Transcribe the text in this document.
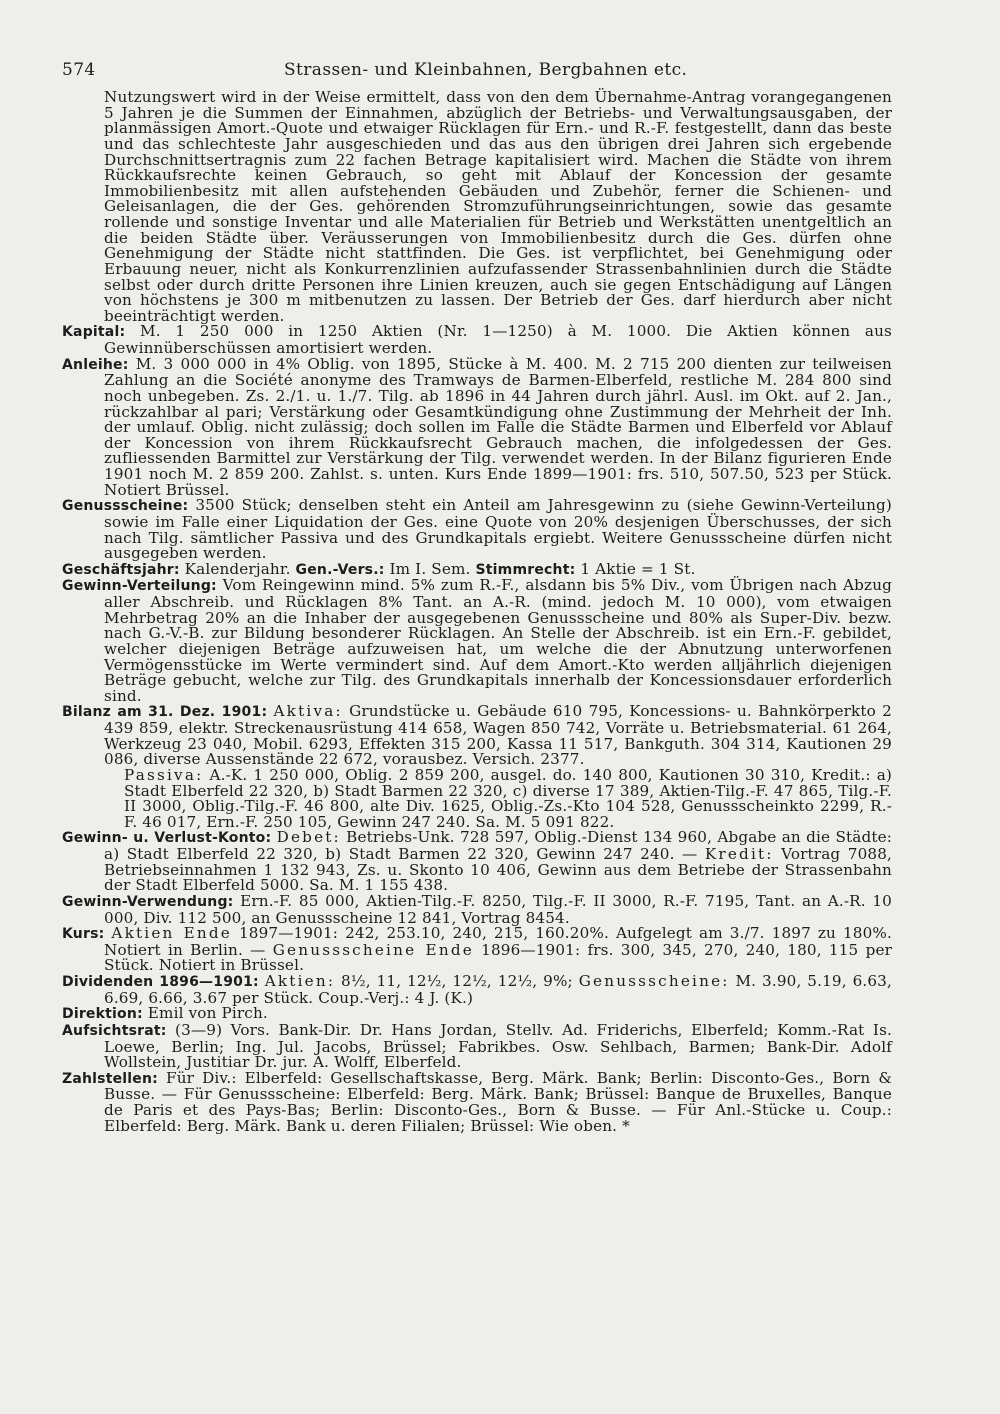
574	Strassen- und Kleinbahnen, Bergbahnen etc.

Nutzungswert wird in der Weise ermittelt, dass von den dem Übernahme-Antrag vorangegangenen 5 Jahren je die Summen der Einnahmen, abzüglich der Betriebs- und Verwaltungsausgaben, der planmässigen Amort.-Quote und etwaiger Rücklagen für Ern.- und R.-F. festgestellt, dann das beste und das schlechteste Jahr ausgeschieden und das aus den übrigen drei Jahren sich ergebende Durchschnittsertragnis zum 22 fachen Betrage kapitalisiert wird. Machen die Städte von ihrem Rückkaufsrechte keinen Gebrauch, so geht mit Ablauf der Koncession der gesamte Immobilienbesitz mit allen aufstehenden Gebäuden und Zubehör, ferner die Schienen- und Geleisanlagen, die der Ges. gehörenden Stromzuführungseinrichtungen, sowie das gesamte rollende und sonstige Inventar und alle Materialien für Betrieb und Werkstätten unentgeltlich an die beiden Städte über. Veräusserungen von Immobilienbesitz durch die Ges. dürfen ohne Genehmigung der Städte nicht stattfinden. Die Ges. ist verpflichtet, bei Genehmigung oder Erbauung neuer, nicht als Konkurrenzlinien aufzufassender Strassenbahnlinien durch die Städte selbst oder durch dritte Personen ihre Linien kreuzen, auch sie gegen Entschädigung auf Längen von höchstens je 300 m mitbenutzen zu lassen. Der Betrieb der Ges. darf hierdurch aber nicht beeinträchtigt werden.

Kapital: M. 1 250 000 in 1250 Aktien (Nr. 1—1250) à M. 1000. Die Aktien können aus Gewinnüberschüssen amortisiert werden.

Anleihe: M. 3 000 000 in 4% Oblig. von 1895, Stücke à M. 400. M. 2 715 200 dienten zur teilweisen Zahlung an die Société anonyme des Tramways de Barmen-Elberfeld, restliche M. 284 800 sind noch unbegeben. Zs. 2./1. u. 1./7. Tilg. ab 1896 in 44 Jahren durch jährl. Ausl. im Okt. auf 2. Jan., rückzahlbar al pari; Verstärkung oder Gesamtkündigung ohne Zustimmung der Mehrheit der Inh. der umlauf. Oblig. nicht zulässig; doch sollen im Falle die Städte Barmen und Elberfeld vor Ablauf der Koncession von ihrem Rückkaufsrecht Gebrauch machen, die infolgedessen der Ges. zufliessenden Barmittel zur Verstärkung der Tilg. verwendet werden. In der Bilanz figurieren Ende 1901 noch M. 2 859 200. Zahlst. s. unten. Kurs Ende 1899—1901: frs. 510, 507.50, 523 per Stück. Notiert Brüssel.

Genussscheine: 3500 Stück; denselben steht ein Anteil am Jahresgewinn zu (siehe Gewinn-Verteilung) sowie im Falle einer Liquidation der Ges. eine Quote von 20% desjenigen Überschusses, der sich nach Tilg. sämtlicher Passiva und des Grundkapitals ergiebt. Weitere Genussscheine dürfen nicht ausgegeben werden.

Geschäftsjahr: Kalenderjahr. Gen.-Vers.: Im I. Sem. Stimmrecht: 1 Aktie = 1 St.

Gewinn-Verteilung: Vom Reingewinn mind. 5% zum R.-F., alsdann bis 5% Div., vom Übrigen nach Abzug aller Abschreib. und Rücklagen 8% Tant. an A.-R. (mind. jedoch M. 10 000), vom etwaigen Mehrbetrag 20% an die Inhaber der ausgegebenen Genussscheine und 80% als Super-Div. bezw. nach G.-V.-B. zur Bildung besonderer Rücklagen. An Stelle der Abschreib. ist ein Ern.-F. gebildet, welcher diejenigen Beträge aufzuweisen hat, um welche die der Abnutzung unterworfenen Vermögensstücke im Werte vermindert sind. Auf dem Amort.-Kto werden alljährlich diejenigen Beträge gebucht, welche zur Tilg. des Grundkapitals innerhalb der Koncessionsdauer erforderlich sind.

Bilanz am 31. Dez. 1901: Aktiva: Grundstücke u. Gebäude 610 795, Koncessions- u. Bahnkörperkto 2 439 859, elektr. Streckenausrüstung 414 658, Wagen 850 742, Vorräte u. Betriebsmaterial. 61 264, Werkzeug 23 040, Mobil. 6293, Effekten 315 200, Kassa 11 517, Bankguth. 304 314, Kautionen 29 086, diverse Aussenstände 22 672, vorausbez. Versich. 2377.

Passiva: A.-K. 1 250 000, Oblig. 2 859 200, ausgel. do. 140 800, Kautionen 30 310, Kredit.: a) Stadt Elberfeld 22 320, b) Stadt Barmen 22 320, c) diverse 17 389, Aktien-Tilg.-F. 47 865, Tilg.-F. II 3000, Oblig.-Tilg.-F. 46 800, alte Div. 1625, Oblig.-Zs.-Kto 104 528, Genussscheinkto 2299, R.-F. 46 017, Ern.-F. 250 105, Gewinn 247 240. Sa. M. 5 091 822.

Gewinn- u. Verlust-Konto: Debet: Betriebs-Unk. 728 597, Oblig.-Dienst 134 960, Abgabe an die Städte: a) Stadt Elberfeld 22 320, b) Stadt Barmen 22 320, Gewinn 247 240. — Kredit: Vortrag 7088, Betriebseinnahmen 1 132 943, Zs. u. Skonto 10 406, Gewinn aus dem Betriebe der Strassenbahn der Stadt Elberfeld 5000. Sa. M. 1 155 438.

Gewinn-Verwendung: Ern.-F. 85 000, Aktien-Tilg.-F. 8250, Tilg.-F. II 3000, R.-F. 7195, Tant. an A.-R. 10 000, Div. 112 500, an Genussscheine 12 841, Vortrag 8454.

Kurs: Aktien Ende 1897—1901: 242, 253.10, 240, 215, 160.20%. Aufgelegt am 3./7. 1897 zu 180%. Notiert in Berlin. — Genussscheine Ende 1896—1901: frs. 300, 345, 270, 240, 180, 115 per Stück. Notiert in Brüssel.

Dividenden 1896—1901: Aktien: 8½, 11, 12½, 12½, 12½, 9%; Genussscheine: M. 3.90, 5.19, 6.63, 6.69, 6.66, 3.67 per Stück. Coup.-Verj.: 4 J. (K.)

Direktion: Emil von Pirch.

Aufsichtsrat: (3—9) Vors. Bank-Dir. Dr. Hans Jordan, Stellv. Ad. Friderichs, Elberfeld; Komm.-Rat Is. Loewe, Berlin; Ing. Jul. Jacobs, Brüssel; Fabrikbes. Osw. Sehlbach, Barmen; Bank-Dir. Adolf Wollstein, Justitiar Dr. jur. A. Wolff, Elberfeld.

Zahlstellen: Für Div.: Elberfeld: Gesellschaftskasse, Berg. Märk. Bank; Berlin: Disconto-Ges., Born & Busse. — Für Genussscheine: Elberfeld: Berg. Märk. Bank; Brüssel: Banque de Bruxelles, Banque de Paris et des Pays-Bas; Berlin: Disconto-Ges., Born & Busse. — Für Anl.-Stücke u. Coup.: Elberfeld: Berg. Märk. Bank u. deren Filialen; Brüssel: Wie oben. *
